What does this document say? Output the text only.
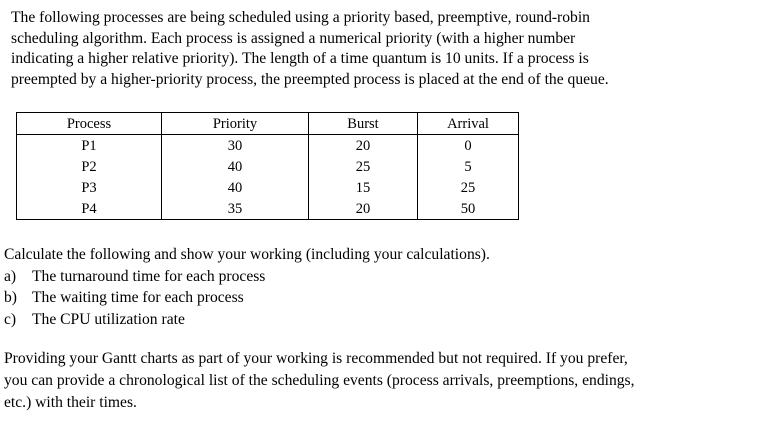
The following processes are being scheduled using a priority based, preemptive, round-robin
scheduling algorithm. Each process is assigned a numerical priority (with a higher number
indicating a higher relative priority). The length of a time quantum is 10 units. If a process is
preempted by a higher-priority process, the preempted process is placed at the end of the queue.
Process	Priority	Burst	Arrival
P1	30	20	0
P2	40	25	5
P3	40	15	25
P4	35	20	50
Calculate the following and show your working (including your calculations).
a) The turnaround time for each process
b) The waiting time for each process
c) The CPU utilization rate
Providing your Gantt charts as part of your working is recommended but not required. If you prefer,
you can provide a chronological list of the scheduling events (process arrivals, preemptions, endings,
etc.) with their times.
